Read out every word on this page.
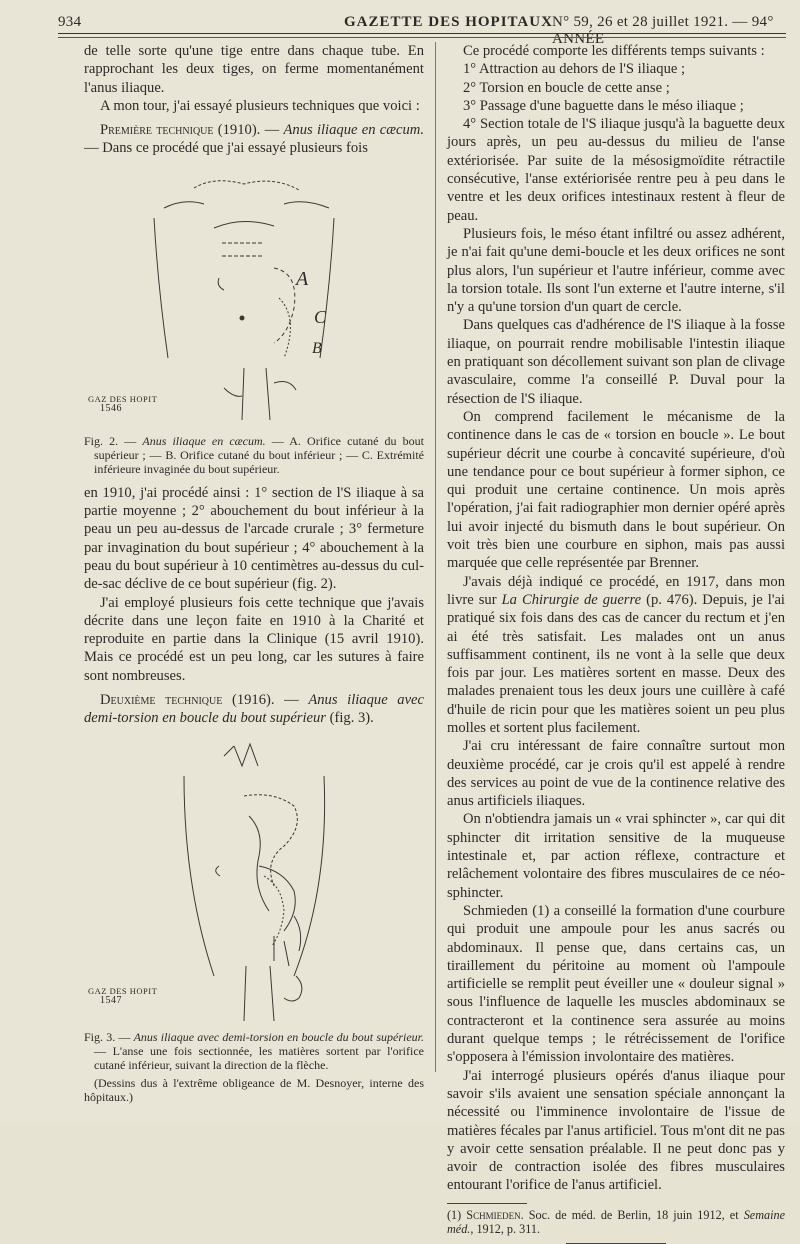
934	GAZETTE DES HOPITAUX N° 59, 26 et 28 juillet 1921. — 94° ANNÉE

de telle sorte qu'une tige entre dans chaque tube. En rapprochant les deux tiges, on ferme momentanément l'anus iliaque.

A mon tour, j'ai essayé plusieurs techniques que voici :

Première technique (1910). — Anus iliaque en cæcum. — Dans ce procédé que j'ai essayé plusieurs fois

A
C
B
GAZ DES HOPIT
1546

Fig. 2. — Anus iliaque en cæcum. — A. Orifice cutané du bout supérieur ; — B. Orifice cutané du bout inférieur ; — C. Extrémité inférieure invaginée du bout supérieur.

en 1910, j'ai procédé ainsi : 1° section de l'S iliaque à sa partie moyenne ; 2° abouchement du bout inférieur à la peau un peu au-dessus de l'arcade crurale ; 3° fermeture par invagination du bout supérieur ; 4° abouchement à la peau du bout supérieur à 10 centimètres au-dessus du cul-de-sac déclive de ce bout supérieur (fig. 2).

J'ai employé plusieurs fois cette technique que j'avais décrite dans une leçon faite en 1910 à la Charité et reproduite en partie dans la Clinique (15 avril 1910). Mais ce procédé est un peu long, car les sutures à faire sont nombreuses.

Deuxième technique (1916). — Anus iliaque avec demi-torsion en boucle du bout supérieur (fig. 3).

GAZ DES HOPIT
1547

Fig. 3. — Anus iliaque avec demi-torsion en boucle du bout supérieur. — L'anse une fois sectionnée, les matières sortent par l'orifice cutané inférieur, suivant la direction de la flèche.

(Dessins dus à l'extrême obligeance de M. Desnoyer, interne des hôpitaux.)

Ce procédé comporte les différents temps suivants :

1° Attraction au dehors de l'S iliaque ;

2° Torsion en boucle de cette anse ;

3° Passage d'une baguette dans le méso iliaque ;

4° Section totale de l'S iliaque jusqu'à la baguette deux jours après, un peu au-dessus du milieu de l'anse extériorisée. Par suite de la mésosigmoïdite rétractile consécutive, l'anse extériorisée rentre peu à peu dans le ventre et les deux orifices intestinaux restent à fleur de peau.

Plusieurs fois, le méso étant infiltré ou assez adhérent, je n'ai fait qu'une demi-boucle et les deux orifices ne sont plus alors, l'un supérieur et l'autre inférieur, comme avec la torsion totale. Ils sont l'un externe et l'autre interne, s'il n'y a qu'une torsion d'un quart de cercle.

Dans quelques cas d'adhérence de l'S iliaque à la fosse iliaque, on pourrait rendre mobilisable l'intestin iliaque en pratiquant son décollement suivant son plan de clivage avasculaire, comme l'a conseillé P. Duval pour la résection de l'S iliaque.

On comprend facilement le mécanisme de la continence dans le cas de « torsion en boucle ». Le bout supérieur décrit une courbe à concavité supérieure, d'où une tendance pour ce bout supérieur à former siphon, ce qui produit une certaine continence. Un mois après l'opération, j'ai fait radiographier mon dernier opéré après lui avoir injecté du bismuth dans le bout supérieur. On voit très bien une courbure en siphon, mais pas aussi marquée que celle représentée par Brenner.

J'avais déjà indiqué ce procédé, en 1917, dans mon livre sur La Chirurgie de guerre (p. 476). Depuis, je l'ai pratiqué six fois dans des cas de cancer du rectum et j'en ai été très satisfait. Les malades ont un anus suffisamment continent, ils ne vont à la selle que deux fois par jour. Les matières sortent en masse. Deux des malades prenaient tous les deux jours une cuillère à café d'huile de ricin pour que les matières soient un peu plus molles et sortent plus facilement.

J'ai cru intéressant de faire connaître surtout mon deuxième procédé, car je crois qu'il est appelé à rendre des services au point de vue de la continence relative des anus artificiels iliaques.

On n'obtiendra jamais un « vrai sphincter », car qui dit sphincter dit irritation sensitive de la muqueuse intestinale et, par action réflexe, contracture et relâchement volontaire des fibres musculaires de ce néo-sphincter.

Schmieden (1) a conseillé la formation d'une courbure qui produit une ampoule pour les anus sacrés ou abdominaux. Il pense que, dans certains cas, un tiraillement du péritoine au moment où l'ampoule artificielle se remplit peut éveiller une « douleur signal » sous l'influence de laquelle les muscles abdominaux se contracteront et la continence sera assurée au moins durant quelque temps ; le rétrécissement de l'orifice s'opposera à l'émission involontaire des matières.

J'ai interrogé plusieurs opérés d'anus iliaque pour savoir s'ils avaient une sensation spéciale annonçant la nécessité ou l'imminence involontaire de l'issue de matières fécales par l'anus artificiel. Tous m'ont dit ne pas y avoir cette sensation préalable. Il ne peut donc pas y avoir de contraction isolée des fibres musculaires entourant l'orifice de l'anus artificiel.

(1) Schmieden. Soc. de méd. de Berlin, 18 juin 1912, et Semaine méd., 1912, p. 311.
